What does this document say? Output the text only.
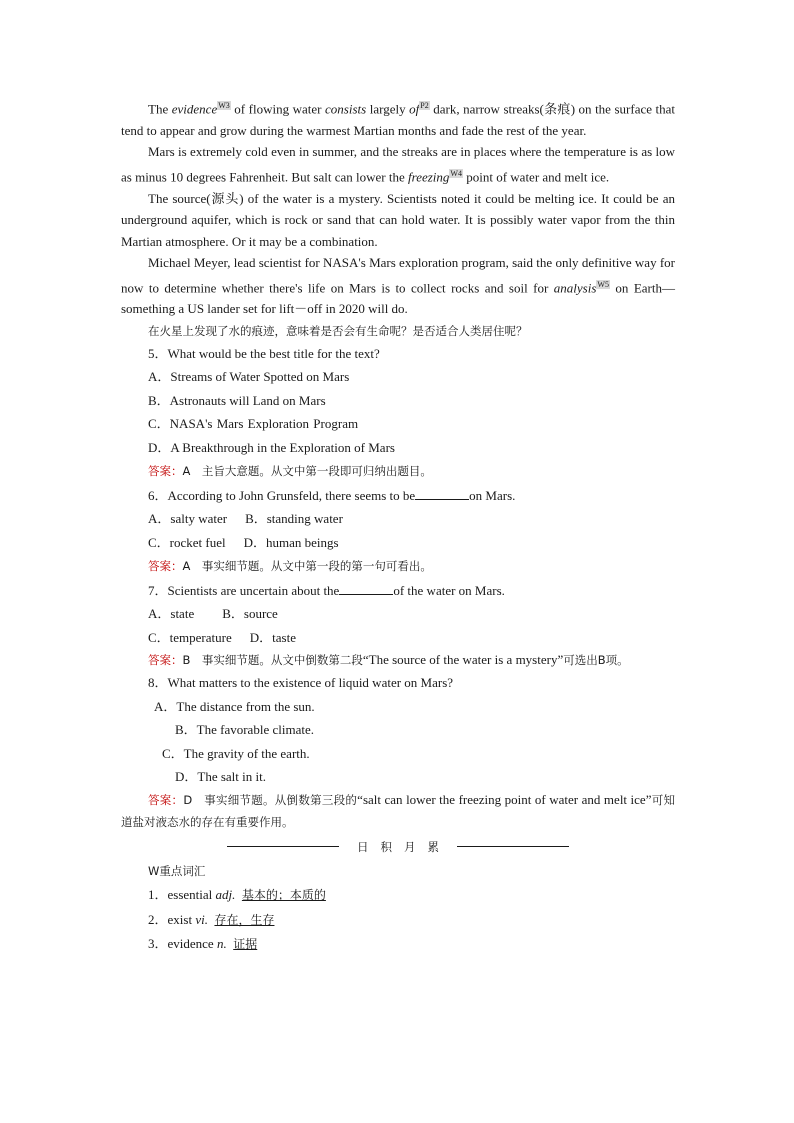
The evidence$^{W3}$ of flowing water consists largely $of^{P2}$ dark, narrow streaks(条痕) on the surface that tend to appear and grow during the warmest Martian months and fade the rest of the year.

Mars is extremely cold even in summer, and the streaks are in places where the temperature is as low as minus 10 degrees Fahrenheit. But salt can lower the freezing$^{W4}$ point of water and melt ice.

The source(源头) of the water is a mystery. Scientists noted it could be melting ice. It could be an underground aquifer, which is rock or sand that can hold water. It is possibly water vapor from the thin Martian atmosphere. Or it may be a combination.

Michael Meyer, lead scientist for NASA's Mars exploration program, said the only definitive way for now to determine whether there's life on Mars is to collect rocks and soil for analysis$^{W5}$ on Earth—something a US lander set for lift－off in 2020 will do.

在火星上发现了水的痕迹，意味着是否会有生命呢？是否适合人类居住呢？

5．What would be the best title for the text?

A．Streams of Water Spotted on Mars

B．Astronauts will Land on Mars

C．NASA's Mars Exploration Program

D．A Breakthrough in the Exploration of Mars

答案：A　主旨大意题。从文中第一段即可归纳出题目。

6．According to John Grunsfeld, there seems to be	on Mars.

A．salty water B．standing water

C．rocket fuel D．human beings

答案：A　事实细节题。从文中第一段的第一句可看出。

7．Scientists are uncertain about the	of the water on Mars.

A．state B．source

C．temperature D．taste

答案：B　事实细节题。从文中倒数第二段“The source of the water is a mystery”可选出B项。

8．What matters to the existence of liquid water on Mars?

A．The distance from the sun.

B．The favorable climate.

C．The gravity of the earth.

D．The salt in it.

答案：D　事实细节题。从倒数第三段的“salt can lower the freezing point of water and melt ice”可知道盐对液态水的存在有重要作用。

日积月累

W重点词汇

1．essential adj. 基本的；本质的

2．exist vi. 存在，生存

3．evidence n. 证据
